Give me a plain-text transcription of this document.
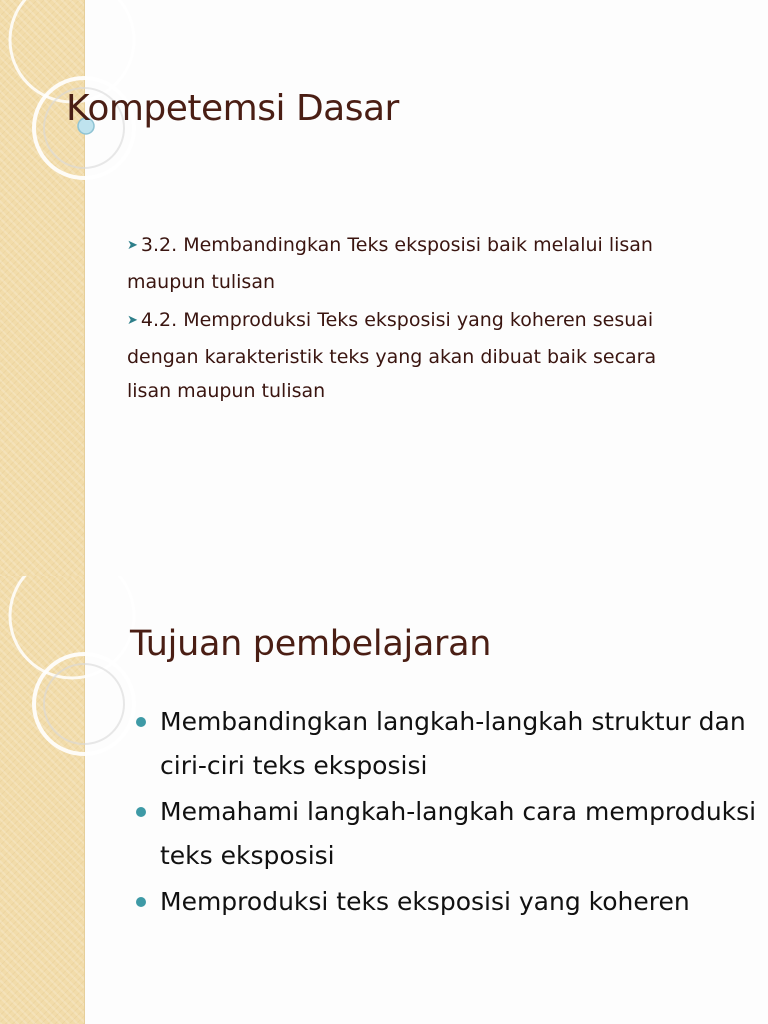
Kompetemsi Dasar
➤ 3.2. Membandingkan Teks eksposisi baik melalui lisan maupun tulisan
➤ 4.2. Memproduksi Teks eksposisi yang koheren sesuai dengan karakteristik teks yang akan dibuat baik secara lisan maupun tulisan
Tujuan pembelajaran
Membandingkan langkah-langkah struktur dan ciri-ciri teks eksposisi
Memahami langkah-langkah cara memproduksi teks eksposisi
Memproduksi teks eksposisi yang koheren
